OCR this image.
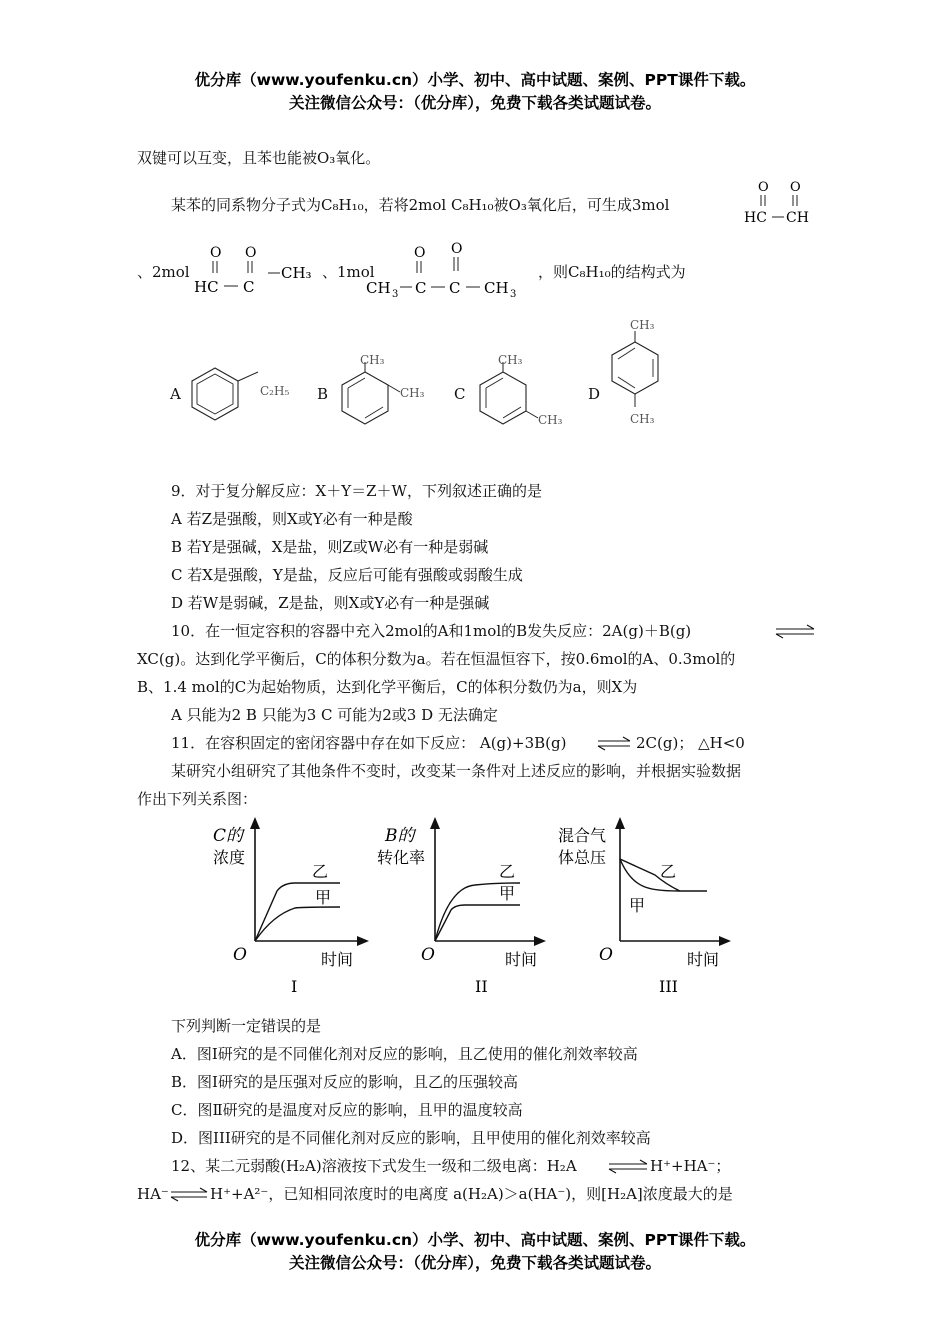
优分库（www.youfenku.cn）小学、初中、高中试题、案例、PPT课件下载。
关注微信公众号：（优分库），免费下载各类试题试卷。
双键可以互变，且苯也能被O₃氧化。
某苯的同系物分子式为C₈H₁₀，若将2mol C₈H₁₀被O₃氧化后，可生成3mol
O O
HC CH
、2mol
O O
HC C
CH₃ 、1mol
O O
CH 3 C C CH 3
，则C₈H₁₀的结构式为
A	C₂H₅ B
CH₃
CH₃ C
CH₃
CH₃
D
CH₃
CH₃
9．对于复分解反应：X＋Y＝Z＋W，下列叙述正确的是
A 若Z是强酸，则X或Y必有一种是酸
B 若Y是强碱，X是盐，则Z或W必有一种是弱碱
C 若X是强酸，Y是盐，反应后可能有强酸或弱酸生成
D 若W是弱碱，Z是盐，则X或Y必有一种是强碱
10．在一恒定容积的容器中充入2mol的A和1mol的B发失反应：2A(g)＋B(g)
XC(g)。达到化学平衡后，C的体积分数为a。若在恒温恒容下，按0.6mol的A、0.3mol的
B、1.4 mol的C为起始物质，达到化学平衡后，C的体积分数仍为a，则X为
A 只能为2 B 只能为3 C 可能为2或3 D 无法确定
11．在容积固定的密闭容器中存在如下反应： A(g)+3B(g)	2C(g)； △H<0
某研究小组研究了其他条件不变时，改变某一条件对上述反应的影响，并根据实验数据
作出下列关系图：
C的
浓度
乙
甲
O	时间
I
B的
转化率
乙
甲
O	时间
II
混合气
体总压
乙
甲
O	时间
III
下列判断一定错误的是
A．图Ⅰ研究的是不同催化剂对反应的影响，且乙使用的催化剂效率较高
B．图Ⅰ研究的是压强对反应的影响，且乙的压强较高
C．图Ⅱ研究的是温度对反应的影响，且甲的温度较高
D．图III研究的是不同催化剂对反应的影响，且甲使用的催化剂效率较高
12、某二元弱酸(H₂A)溶液按下式发生一级和二级电离：H₂A	H⁺+HA⁻；
HA⁻	H⁺+A²⁻，已知相同浓度时的电离度 a(H₂A)＞a(HA⁻)，则[H₂A]浓度最大的是
优分库（www.youfenku.cn）小学、初中、高中试题、案例、PPT课件下载。
关注微信公众号：（优分库），免费下载各类试题试卷。
